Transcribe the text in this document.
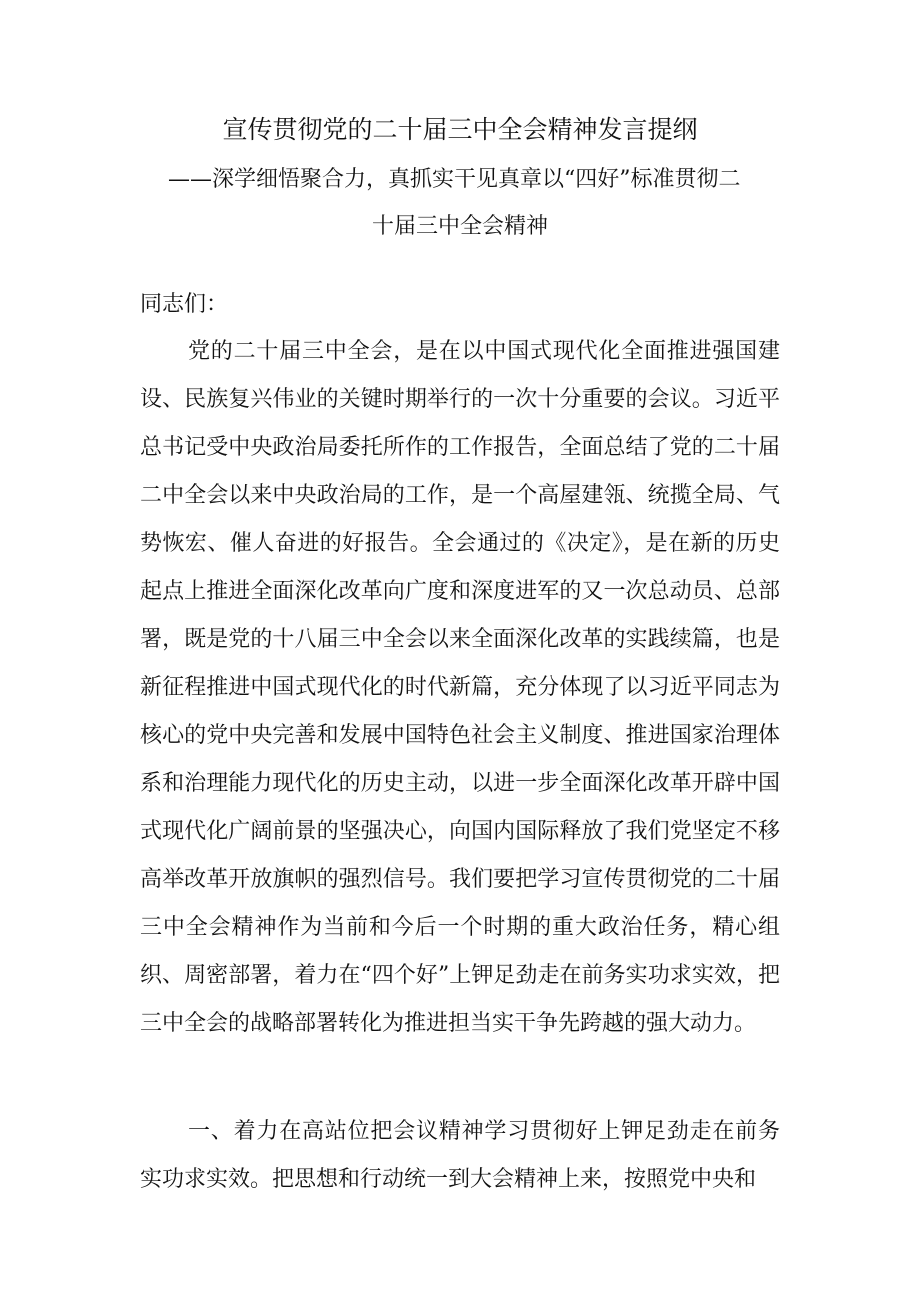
宣传贯彻党的二十届三中全会精神发言提纲

——深学细悟聚合力，真抓实干见真章以“四好”标准贯彻二

十届三中全会精神

同志们：

党的二十届三中全会，是在以中国式现代化全面推进强国建设、民族复兴伟业的关键时期举行的一次十分重要的会议。习近平总书记受中央政治局委托所作的工作报告，全面总结了党的二十届二中全会以来中央政治局的工作，是一个高屋建瓴、统揽全局、气势恢宏、催人奋进的好报告。全会通过的《决定》，是在新的历史起点上推进全面深化改革向广度和深度进军的又一次总动员、总部署，既是党的十八届三中全会以来全面深化改革的实践续篇，也是新征程推进中国式现代化的时代新篇，充分体现了以习近平同志为核心的党中央完善和发展中国特色社会主义制度、推进国家治理体系和治理能力现代化的历史主动，以进一步全面深化改革开辟中国式现代化广阔前景的坚强决心，向国内国际释放了我们党坚定不移高举改革开放旗帜的强烈信号。我们要把学习宣传贯彻党的二十届三中全会精神作为当前和今后一个时期的重大政治任务，精心组织、周密部署，着力在“四个好”上钾足劲走在前务实功求实效，把三中全会的战略部署转化为推进担当实干争先跨越的强大动力。

一、着力在高站位把会议精神学习贯彻好上钾足劲走在前务实功求实效。把思想和行动统一到大会精神上来，按照党中央和
